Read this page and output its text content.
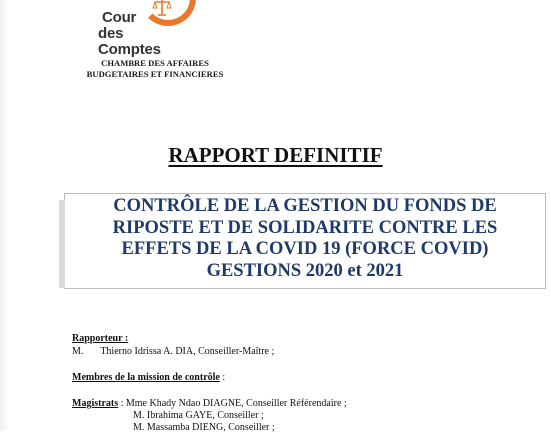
Cour
des Comptes
CHAMBRE DES AFFAIRES
BUDGETAIRES ET FINANCIERES
RAPPORT DEFINITIF
CONTRÔLE DE LA GESTION DU FONDS DE
RIPOSTE ET DE SOLIDARITE CONTRE LES
EFFETS DE LA COVID 19 (FORCE COVID)
GESTIONS 2020 et 2021
Rapporteur :
M. Thierno Idrissa A. DIA, Conseiller-Maître ;
Membres de la mission de contrôle :
Magistrats : Mme Khady Ndao DIAGNE, Conseiller Référendaire ;
M. Ibrahima GAYE, Conseiller ;
M. Massamba DIENG, Conseiller ;
